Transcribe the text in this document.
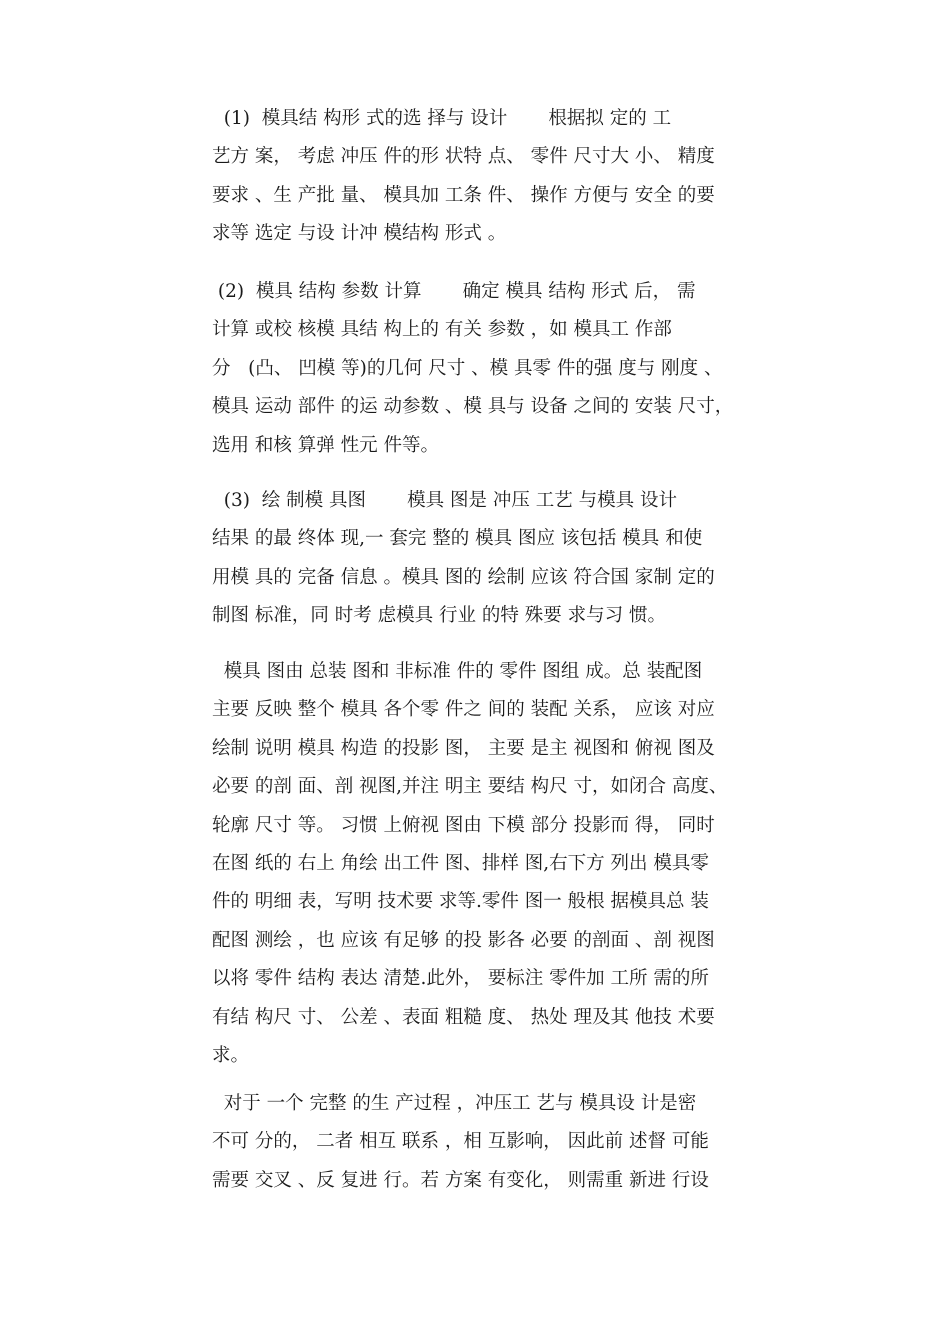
(1)  模具结 构形 式的选 择与 设计       根据拟 定的 工
艺方 案， 考虑 冲压 件的形 状特 点、 零件 尺寸大 小、 精度
要求 、生 产批 量、 模具加 工条 件、 操作 方便与 安全 的要
求等 选定 与设 计冲 模结构 形式 。
(2)  模具 结构 参数 计算       确定 模具 结构 形式 后， 需
计算 或校 核模 具结 构上的 有关 参数 ，如 模具工 作部
分   (凸、 凹模 等)的几何 尺寸 、模 具零 件的强 度与 刚度 、
模具 运动 部件 的运 动参数 、模 具与 设备 之间的 安装 尺寸，
选用 和核 算弹 性元 件等。
(3)  绘 制模 具图       模具 图是 冲压 工艺 与模具 设计
结果 的最 终体 现,一 套完 整的 模具 图应 该包括 模具 和使
用模 具的 完备 信息 。模具 图的 绘制 应该 符合国 家制 定的
制图 标准，同 时考 虑模具 行业 的特 殊要 求与习 惯。
模具 图由 总装 图和 非标准 件的 零件 图组 成。总 装配图
主要 反映 整个 模具 各个零 件之 间的 装配 关系， 应该 对应
绘制 说明 模具 构造 的投影 图， 主要 是主 视图和 俯视 图及
必要 的剖 面、剖 视图,并注 明主 要结 构尺 寸，如闭合 高度、
轮廓 尺寸 等。 习惯 上俯视 图由 下模 部分 投影而 得， 同时
在图 纸的 右上 角绘 出工件 图、排样 图,右下方 列出 模具零
件的 明细 表，写明 技术要 求等.零件 图一 般根 据模具总 装
配图 测绘 ，也 应该 有足够 的投 影各 必要 的剖面 、剖 视图
以将 零件 结构 表达 清楚.此外， 要标注 零件加 工所 需的所
有结 构尺 寸、 公差 、表面 粗糙 度、 热处 理及其 他技 术要
求。
对于 一个 完整 的生 产过程 ，冲压工 艺与 模具设 计是密
不可 分的， 二者 相互 联系 ，相 互影响， 因此前 述督 可能
需要 交叉 、反 复进 行。若 方案 有变化， 则需重 新进 行设
